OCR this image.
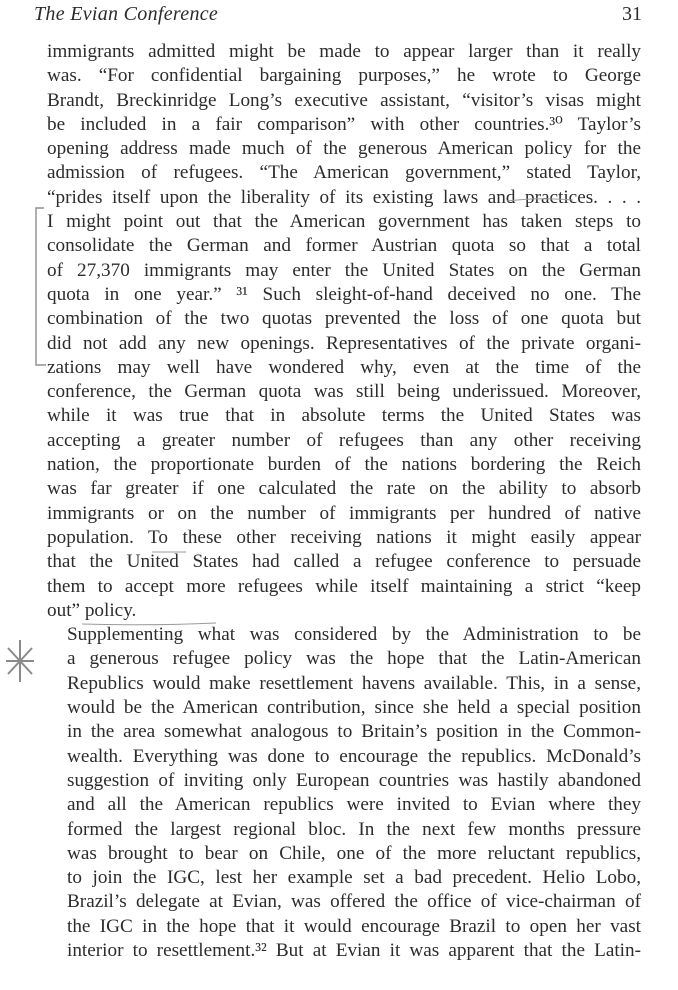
The Evian Conference	31
immigrants admitted might be made to appear larger than it really
was. “For confidential bargaining purposes,” he wrote to George
Brandt, Breckinridge Long’s executive assistant, “visitor’s visas might
be included in a fair comparison” with other countries.³⁰ Taylor’s
opening address made much of the generous American policy for the
admission of refugees. “The American government,” stated Taylor,
“prides itself upon the liberality of its existing laws and practices. . . .
I might point out that the American government has taken steps to
consolidate the German and former Austrian quota so that a total
of 27,370 immigrants may enter the United States on the German
quota in one year.” ³¹ Such sleight-of-hand deceived no one. The
combination of the two quotas prevented the loss of one quota but
did not add any new openings. Representatives of the private organi-
zations may well have wondered why, even at the time of the
conference, the German quota was still being underissued. Moreover,
while it was true that in absolute terms the United States was
accepting a greater number of refugees than any other receiving
nation, the proportionate burden of the nations bordering the Reich
was far greater if one calculated the rate on the ability to absorb
immigrants or on the number of immigrants per hundred of native
population. To these other receiving nations it might easily appear
that the United States had called a refugee conference to persuade
them to accept more refugees while itself maintaining a strict “keep
out” policy.
Supplementing what was considered by the Administration to be
a generous refugee policy was the hope that the Latin-American
Republics would make resettlement havens available. This, in a sense,
would be the American contribution, since she held a special position
in the area somewhat analogous to Britain’s position in the Common-
wealth. Everything was done to encourage the republics. McDonald’s
suggestion of inviting only European countries was hastily abandoned
and all the American republics were invited to Evian where they
formed the largest regional bloc. In the next few months pressure
was brought to bear on Chile, one of the more reluctant republics,
to join the IGC, lest her example set a bad precedent. Helio Lobo,
Brazil’s delegate at Evian, was offered the office of vice-chairman of
the IGC in the hope that it would encourage Brazil to open her vast
interior to resettlement.³² But at Evian it was apparent that the Latin-
